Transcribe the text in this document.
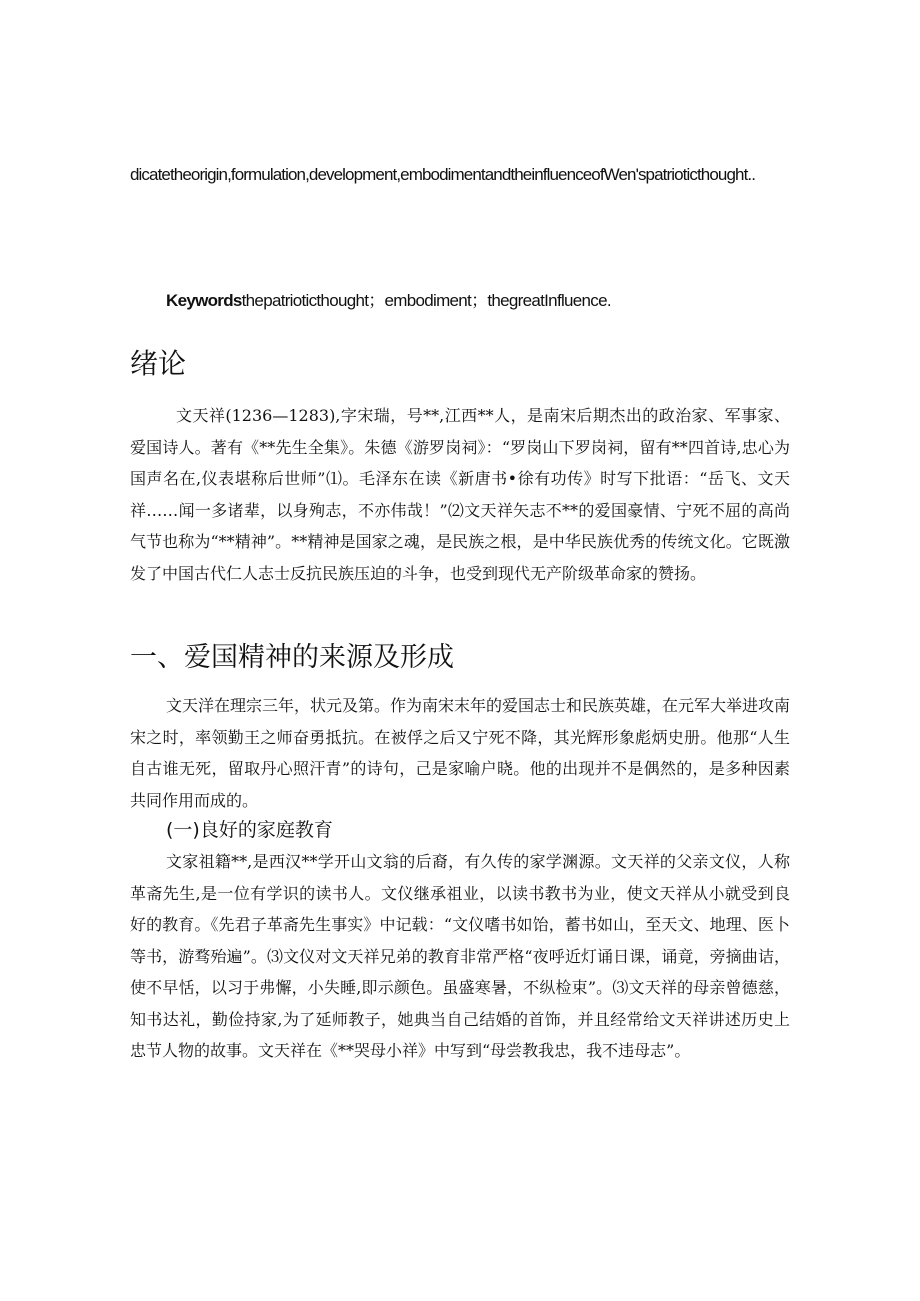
dicatetheorigin,formulation,development,embodimentandtheinfluenceofWen'spatrioticthought..
Keywordsthepatrioticthought；embodiment；thegreatInfluence.
绪论

文天祥(1236—1283),字宋瑞，号**,江西**人，是南宋后期杰出的政治家、军事家、爱国诗人。著有《**先生全集》。朱德《游罗岗祠》：“罗岗山下罗岗祠，留有**四首诗,忠心为国声名在,仪表堪称后世师”⑴。毛泽东在读《新唐书•徐有功传》时写下批语：“岳飞、文天祥……闻一多诸辈，以身殉志，不亦伟哉！”⑵文天祥矢志不**的爱国豪情、宁死不屈的高尚气节也称为“**精神”。**精神是国家之魂，是民族之根，是中华民族优秀的传统文化。它既激发了中国古代仁人志士反抗民族压迫的斗争，也受到现代无产阶级革命家的赞扬。

一、爱国精神的来源及形成

文天洋在理宗三年，状元及第。作为南宋末年的爱国志士和民族英雄，在元军大举进攻南宋之时，率领勤王之师奋勇抵抗。在被俘之后又宁死不降，其光辉形象彪炳史册。他那“人生自古谁无死，留取丹心照汗青”的诗句，己是家喻户晓。他的出现并不是偶然的，是多种因素共同作用而成的。

(一)良好的家庭教育

文家祖籍**,是西汉**学开山文翁的后裔，有久传的家学渊源。文天祥的父亲文仪，人称革斋先生,是一位有学识的读书人。文仪继承祖业，以读书教书为业，使文天祥从小就受到良好的教育。《先君子革斋先生事实》中记载：“文仪嗜书如饴，蓄书如山，至天文、地理、医卜等书，游骛殆遍”。⑶文仪对文天祥兄弟的教育非常严格“夜呼近灯诵日课，诵竟，旁摘曲诘，使不早恬，以习于弗懈，小失睡,即示颜色。虽盛寒暑，不纵检束”。⑶文天祥的母亲曾德慈，知书达礼，勤俭持家,为了延师教子，她典当自己结婚的首饰，并且经常给文天祥讲述历史上忠节人物的故事。文天祥在《**哭母小祥》中写到“母尝教我忠，我不违母志”。
